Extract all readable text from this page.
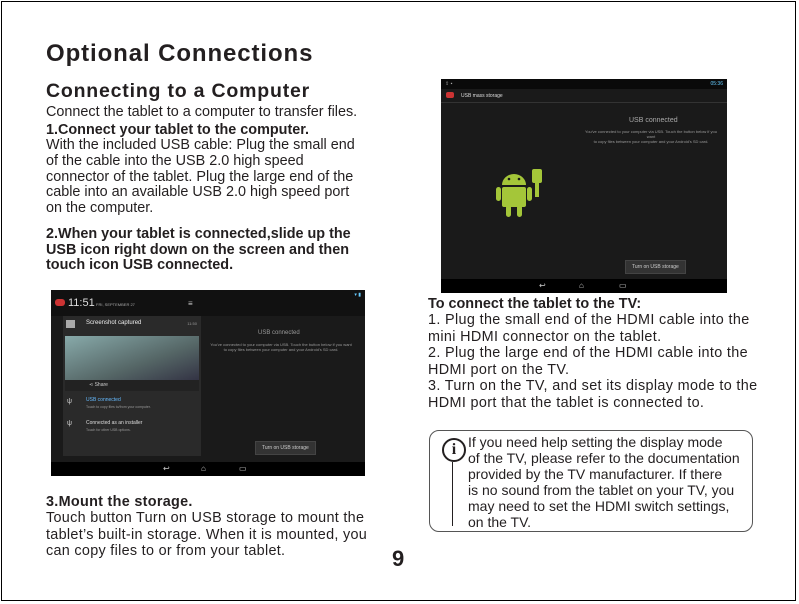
Optional Connections
Connecting to a Computer

Connect the tablet to a computer to transfer files.

1.Connect your tablet to the computer.
With the included USB cable: Plug the small end
of the cable into the USB 2.0 high speed
connector of the tablet. Plug the large end of the
cable into an available USB 2.0 high speed port
on the computer.
2.When your tablet is connected,slide up the
USB icon right down on the screen and then
touch icon USB connected.
⇪ ▪	05:36
USB mass storage
USB connected
You've connected to your computer via USB. Touch the button below if you want
to copy files between your computer and your Android's SD card.
Turn on USB storage
↩	⌂	▭
To connect the tablet to the TV:
1. Plug the small end of the HDMI cable into the
mini HDMI connector on the tablet.
2. Plug the large end of the HDMI cable into the
HDMI port on the TV.
3. Turn on the TV, and set its display mode to the
HDMI port that the tablet is connected to.
11:51 FRI, SEPTEMBER 27	≡
▾ ▮
Screenshot captured	11:50
⋖ Share
ψ	USB connected
Touch to copy files to/from your computer.
ψ	Connected as an installer
Touch for other USB options.
USB connected
You've connected to your computer via USB. Touch the button below if you want
to copy files between your computer and your Android's SD card.
Turn on USB storage
↩	⌂	▭
3.Mount the storage.
Touch button Turn on USB storage to mount the
tablet’s built-in storage. When it is mounted, you
can copy files to or from your tablet.
i If you need help setting the display mode
of the TV, please refer to the documentation
provided by the TV manufacturer. If there
is no sound from the tablet on your TV, you
may need to set the HDMI switch settings,
on the TV.
9
